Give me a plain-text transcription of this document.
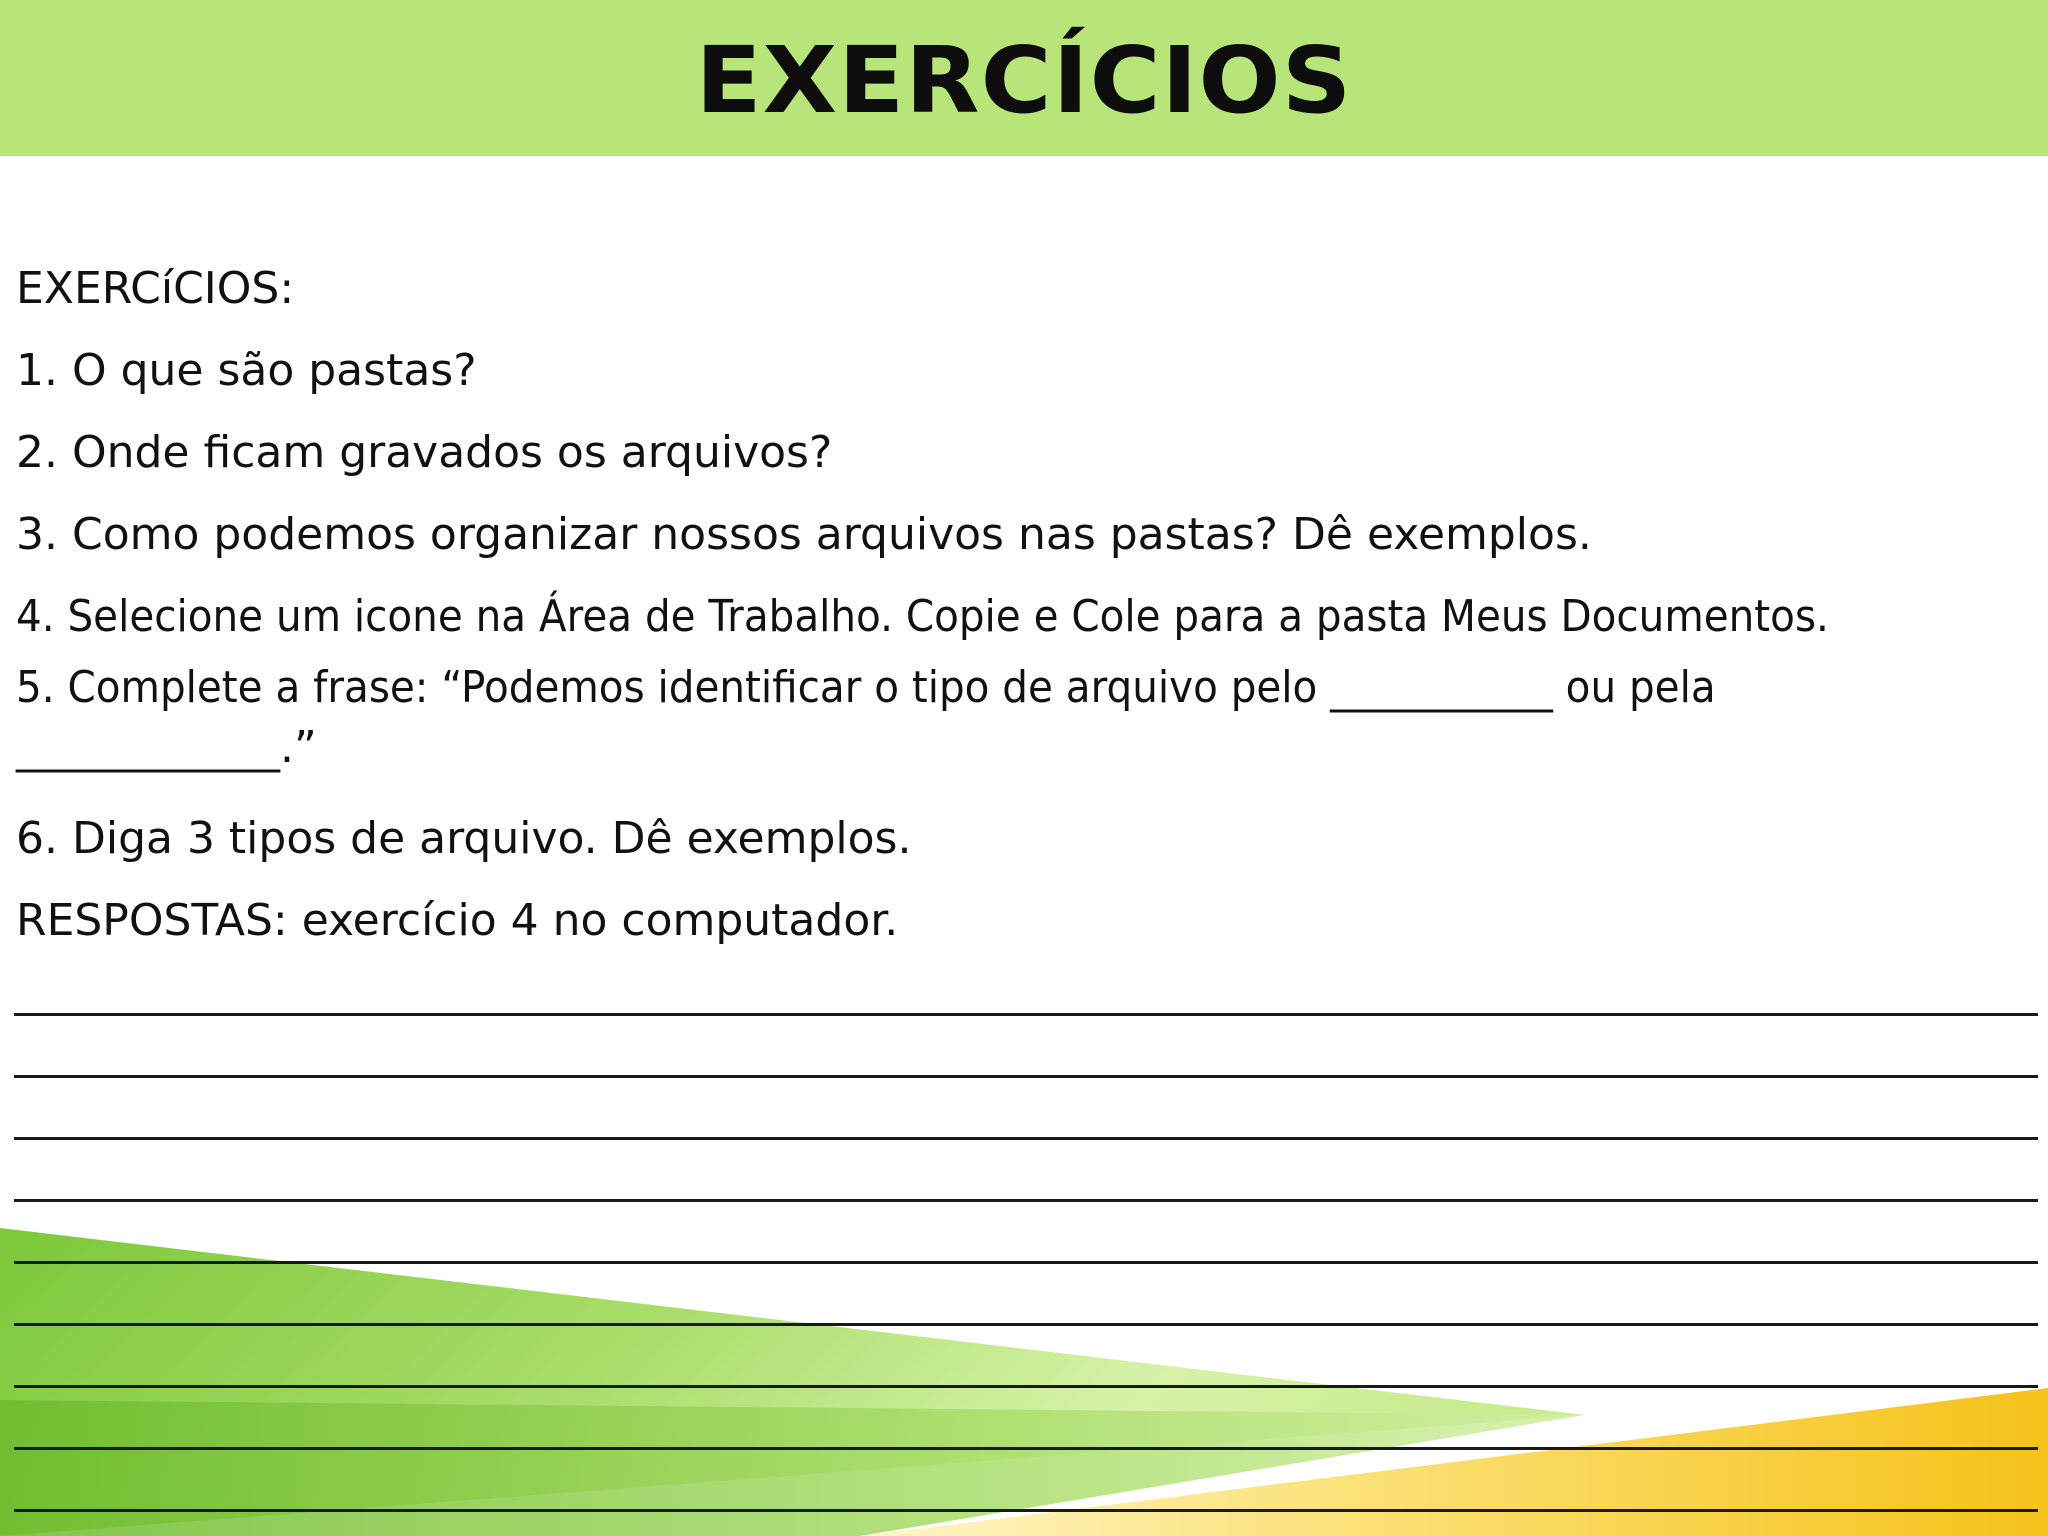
EXERCÍCIOS
EXERCíCIOS:
1. O que são pastas?
2. Onde ficam gravados os arquivos?
3. Como podemos organizar nossos arquivos nas pastas? Dê exemplos.
4. Selecione um icone na Área de Trabalho. Copie e Cole para a pasta Meus Documentos.
5. Complete a frase: “Podemos identificar o tipo de arquivo pelo ___________ ou pela
____________.”
6. Diga 3 tipos de arquivo. Dê exemplos.
RESPOSTAS: exercício 4 no computador.
